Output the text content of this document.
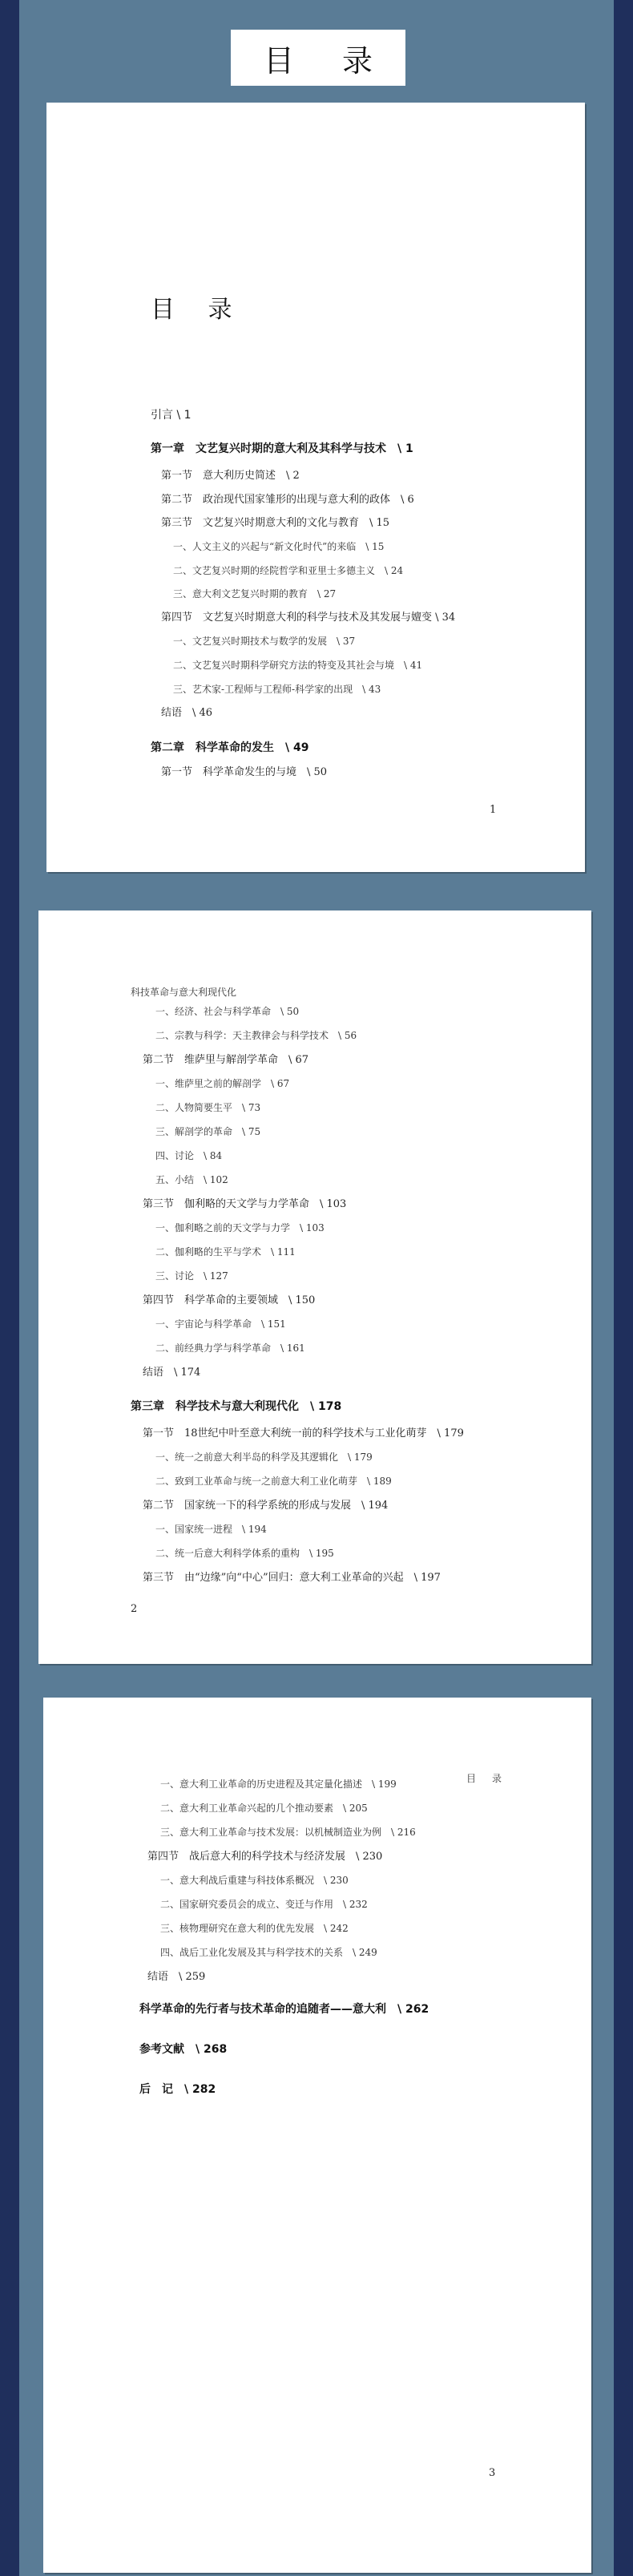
目 录
目 录
引言 \ 1
第一章　文艺复兴时期的意大利及其科学与技术　\ 1
第一节　意大利历史简述　\ 2
第二节　政治现代国家雏形的出现与意大利的政体　\ 6
第三节　文艺复兴时期意大利的文化与教育　\ 15
一、人文主义的兴起与“新文化时代”的来临　\ 15
二、文艺复兴时期的经院哲学和亚里士多德主义　\ 24
三、意大利文艺复兴时期的教育　\ 27
第四节　文艺复兴时期意大利的科学与技术及其发展与嬗变 \ 34
一、文艺复兴时期技术与数学的发展　\ 37
二、文艺复兴时期科学研究方法的特变及其社会与境　\ 41
三、艺术家-工程师与工程师-科学家的出现　\ 43
结语　\ 46
第二章　科学革命的发生　\ 49
第一节　科学革命发生的与境　\ 50
1
科技革命与意大利现代化
一、经济、社会与科学革命　\ 50
二、宗教与科学：天主教律会与科学技术　\ 56
第二节　维萨里与解剖学革命　\ 67
一、维萨里之前的解剖学　\ 67
二、人物简要生平　\ 73
三、解剖学的革命　\ 75
四、讨论　\ 84
五、小结　\ 102
第三节　伽利略的天文学与力学革命　\ 103
一、伽利略之前的天文学与力学　\ 103
二、伽利略的生平与学术　\ 111
三、讨论　\ 127
第四节　科学革命的主要领域　\ 150
一、宇宙论与科学革命　\ 151
二、前经典力学与科学革命　\ 161
结语　\ 174
第三章　科学技术与意大利现代化　\ 178
第一节　18世纪中叶至意大利统一前的科学技术与工业化萌芽　\ 179
一、统一之前意大利半岛的科学及其逻辑化　\ 179
二、致到工业革命与统一之前意大利工业化萌芽　\ 189
第二节　国家统一下的科学系统的形成与发展　\ 194
一、国家统一进程　\ 194
二、统一后意大利科学体系的重构　\ 195
第三节　由“边缘”向“中心”回归：意大利工业革命的兴起　\ 197
2
目　录
一、意大利工业革命的历史进程及其定量化描述　\ 199
二、意大利工业革命兴起的几个推动要素　\ 205
三、意大利工业革命与技术发展：以机械制造业为例　\ 216
第四节　战后意大利的科学技术与经济发展　\ 230
一、意大利战后重建与科技体系概况　\ 230
二、国家研究委员会的成立、变迁与作用　\ 232
三、核物理研究在意大利的优先发展　\ 242
四、战后工业化发展及其与科学技术的关系　\ 249
结语　\ 259
科学革命的先行者与技术革命的追随者——意大利　\ 262
参考文献　\ 268
后　记　\ 282
3
